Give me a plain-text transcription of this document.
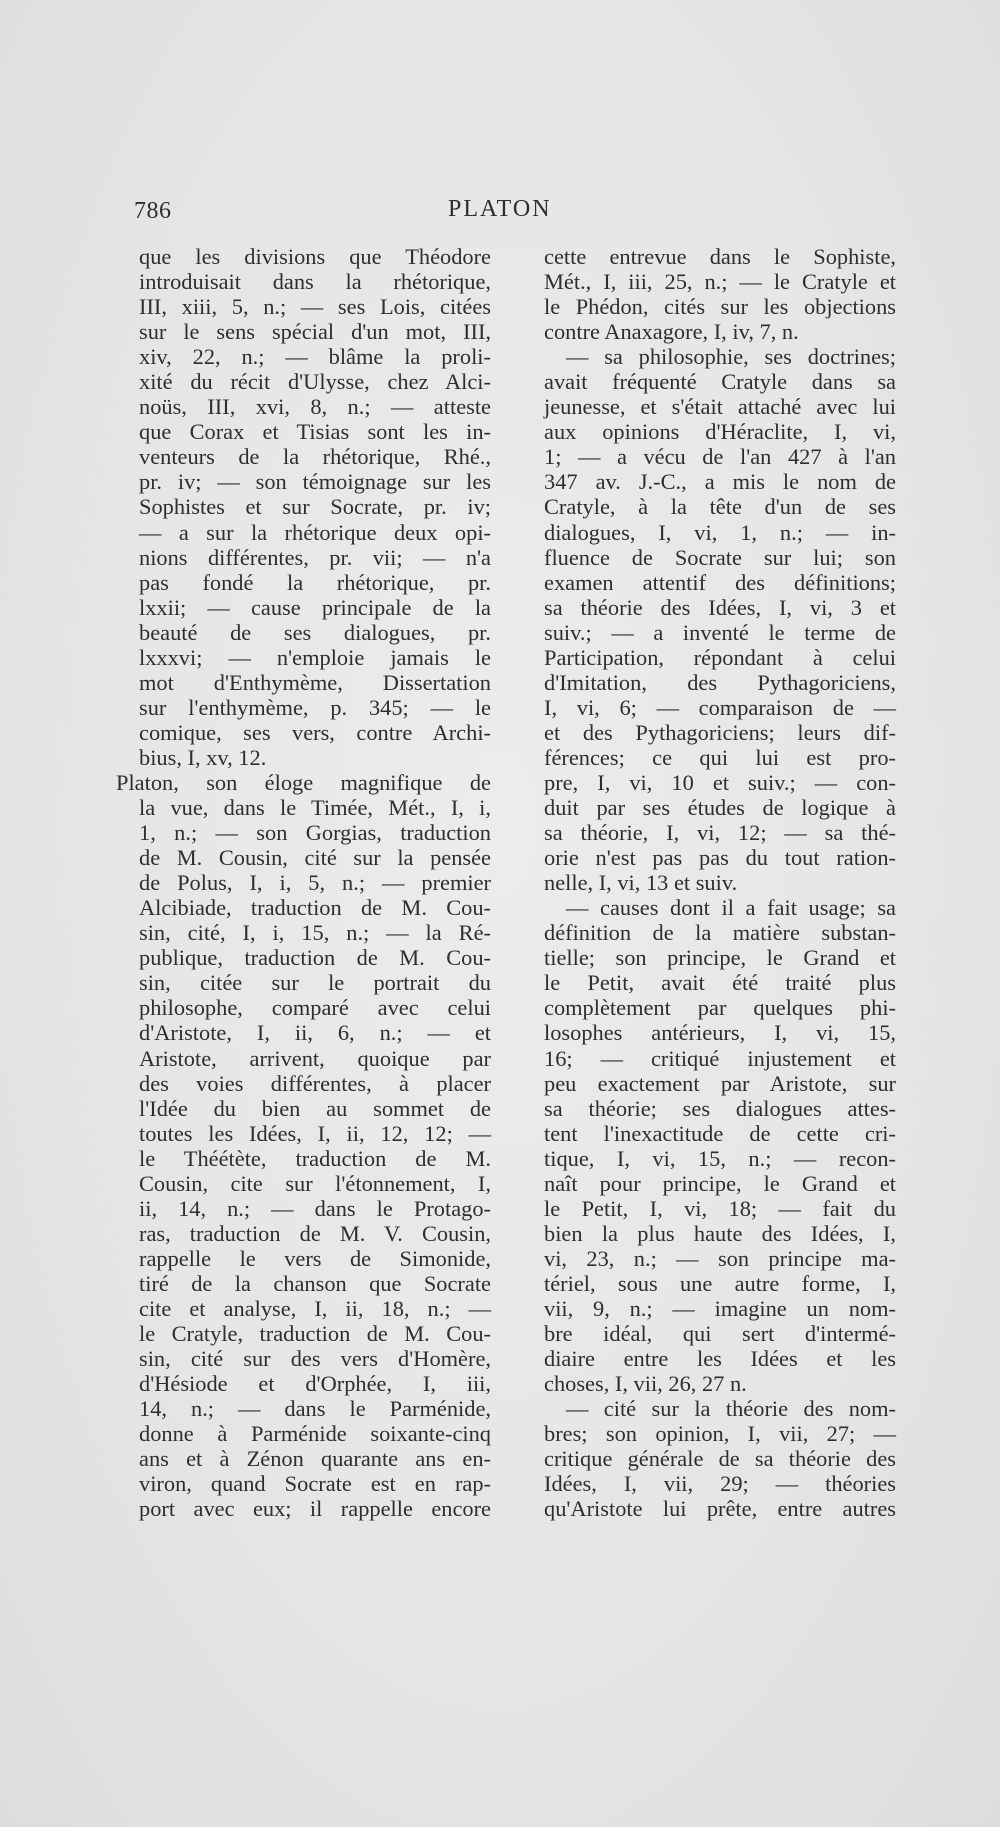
786	PLATON
que les divisions que Théodore
introduisait dans la rhétorique,
III, xiii, 5, n.; — ses Lois, citées
sur le sens spécial d'un mot, III,
xiv, 22, n.; — blâme la proli-
xité du récit d'Ulysse, chez Alci-
noüs, III, xvi, 8, n.; — atteste
que Corax et Tisias sont les in-
venteurs de la rhétorique, Rhé.,
pr. iv; — son témoignage sur les
Sophistes et sur Socrate, pr. iv;
— a sur la rhétorique deux opi-
nions différentes, pr. vii; — n'a
pas fondé la rhétorique, pr.
lxxii; — cause principale de la
beauté de ses dialogues, pr.
lxxxvi; — n'emploie jamais le
mot d'Enthymème, Dissertation
sur l'enthymème, p. 345; — le
comique, ses vers, contre Archi-
bius, I, xv, 12.
Platon, son éloge magnifique de
la vue, dans le Timée, Mét., I, i,
1, n.; — son Gorgias, traduction
de M. Cousin, cité sur la pensée
de Polus, I, i, 5, n.; — premier
Alcibiade, traduction de M. Cou-
sin, cité, I, i, 15, n.; — la Ré-
publique, traduction de M. Cou-
sin, citée sur le portrait du
philosophe, comparé avec celui
d'Aristote, I, ii, 6, n.; — et
Aristote, arrivent, quoique par
des voies différentes, à placer
l'Idée du bien au sommet de
toutes les Idées, I, ii, 12, 12; —
le Théétète, traduction de M.
Cousin, cite sur l'étonnement, I,
ii, 14, n.; — dans le Protago-
ras, traduction de M. V. Cousin,
rappelle le vers de Simonide,
tiré de la chanson que Socrate
cite et analyse, I, ii, 18, n.; —
le Cratyle, traduction de M. Cou-
sin, cité sur des vers d'Homère,
d'Hésiode et d'Orphée, I, iii,
14, n.; — dans le Parménide,
donne à Parménide soixante-cinq
ans et à Zénon quarante ans en-
viron, quand Socrate est en rap-
port avec eux; il rappelle encore
cette entrevue dans le Sophiste,
Mét., I, iii, 25, n.; — le Cratyle et
le Phédon, cités sur les objections
contre Anaxagore, I, iv, 7, n.
— sa philosophie, ses doctrines;
avait fréquenté Cratyle dans sa
jeunesse, et s'était attaché avec lui
aux opinions d'Héraclite, I, vi,
1; — a vécu de l'an 427 à l'an
347 av. J.-C., a mis le nom de
Cratyle, à la tête d'un de ses
dialogues, I, vi, 1, n.; — in-
fluence de Socrate sur lui; son
examen attentif des définitions;
sa théorie des Idées, I, vi, 3 et
suiv.; — a inventé le terme de
Participation, répondant à celui
d'Imitation, des Pythagoriciens,
I, vi, 6; — comparaison de —
et des Pythagoriciens; leurs dif-
férences; ce qui lui est pro-
pre, I, vi, 10 et suiv.; — con-
duit par ses études de logique à
sa théorie, I, vi, 12; — sa thé-
orie n'est pas pas du tout ration-
nelle, I, vi, 13 et suiv.
— causes dont il a fait usage; sa
définition de la matière substan-
tielle; son principe, le Grand et
le Petit, avait été traité plus
complètement par quelques phi-
losophes antérieurs, I, vi, 15,
16; — critiqué injustement et
peu exactement par Aristote, sur
sa théorie; ses dialogues attes-
tent l'inexactitude de cette cri-
tique, I, vi, 15, n.; — recon-
naît pour principe, le Grand et
le Petit, I, vi, 18; — fait du
bien la plus haute des Idées, I,
vi, 23, n.; — son principe ma-
tériel, sous une autre forme, I,
vii, 9, n.; — imagine un nom-
bre idéal, qui sert d'intermé-
diaire entre les Idées et les
choses, I, vii, 26, 27 n.
— cité sur la théorie des nom-
bres; son opinion, I, vii, 27; —
critique générale de sa théorie des
Idées, I, vii, 29; — théories
qu'Aristote lui prête, entre autres
